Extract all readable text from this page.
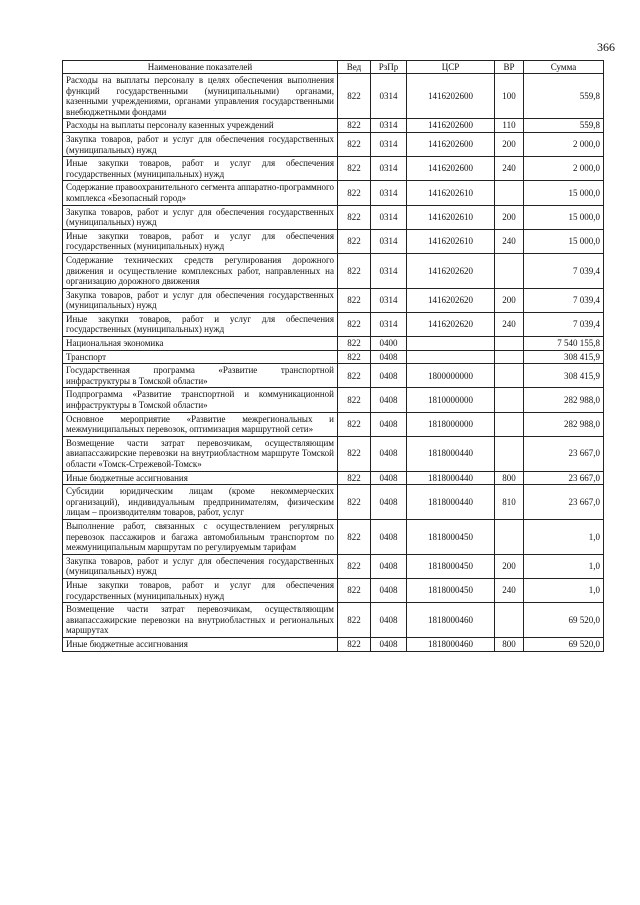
366
Наименование показателей	Вед	РзПр	ЦСР	ВР	Сумма
Расходы на выплаты персоналу в целях обеспечения выполнения функций государственными (муниципальными) органами, казенными учреждениями, органами управления государственными внебюджетными фондами	822	0314	1416202600	100	559,8
Расходы на выплаты персоналу казенных учреждений	822	0314	1416202600	110	559,8
Закупка товаров, работ и услуг для обеспечения государственных (муниципальных) нужд	822	0314	1416202600	200	2 000,0
Иные закупки товаров, работ и услуг для обеспечения государственных (муниципальных) нужд	822	0314	1416202600	240	2 000,0
Содержание правоохранительного сегмента аппаратно-программного комплекса «Безопасный город»	822	0314	1416202610		15 000,0
Закупка товаров, работ и услуг для обеспечения государственных (муниципальных) нужд	822	0314	1416202610	200	15 000,0
Иные закупки товаров, работ и услуг для обеспечения государственных (муниципальных) нужд	822	0314	1416202610	240	15 000,0
Содержание технических средств регулирования дорожного движения и осуществление комплексных работ, направленных на организацию дорожного движения	822	0314	1416202620		7 039,4
Закупка товаров, работ и услуг для обеспечения государственных (муниципальных) нужд	822	0314	1416202620	200	7 039,4
Иные закупки товаров, работ и услуг для обеспечения государственных (муниципальных) нужд	822	0314	1416202620	240	7 039,4
Национальная экономика	822	0400			7 540 155,8
Транспорт	822	0408			308 415,9
Государственная программа «Развитие транспортной инфраструктуры в Томской области»	822	0408	1800000000		308 415,9
Подпрограмма «Развитие транспортной и коммуникационной инфраструктуры в Томской области»	822	0408	1810000000		282 988,0
Основное мероприятие «Развитие межрегиональных и межмуниципальных перевозок, оптимизация маршрутной сети»	822	0408	1818000000		282 988,0
Возмещение части затрат перевозчикам, осуществляющим авиапассажирские перевозки на внутриобластном маршруте Томской области «Томск-Стрежевой-Томск»	822	0408	1818000440		23 667,0
Иные бюджетные ассигнования	822	0408	1818000440	800	23 667,0
Субсидии юридическим лицам (кроме некоммерческих организаций), индивидуальным предпринимателям, физическим лицам – производителям товаров, работ, услуг	822	0408	1818000440	810	23 667,0
Выполнение работ, связанных с осуществлением регулярных перевозок пассажиров и багажа автомобильным транспортом по межмуниципальным маршрутам по регулируемым тарифам	822	0408	1818000450		1,0
Закупка товаров, работ и услуг для обеспечения государственных (муниципальных) нужд	822	0408	1818000450	200	1,0
Иные закупки товаров, работ и услуг для обеспечения государственных (муниципальных) нужд	822	0408	1818000450	240	1,0
Возмещение части затрат перевозчикам, осуществляющим авиапассажирские перевозки на внутриобластных и региональных маршрутах	822	0408	1818000460		69 520,0
Иные бюджетные ассигнования	822	0408	1818000460	800	69 520,0
